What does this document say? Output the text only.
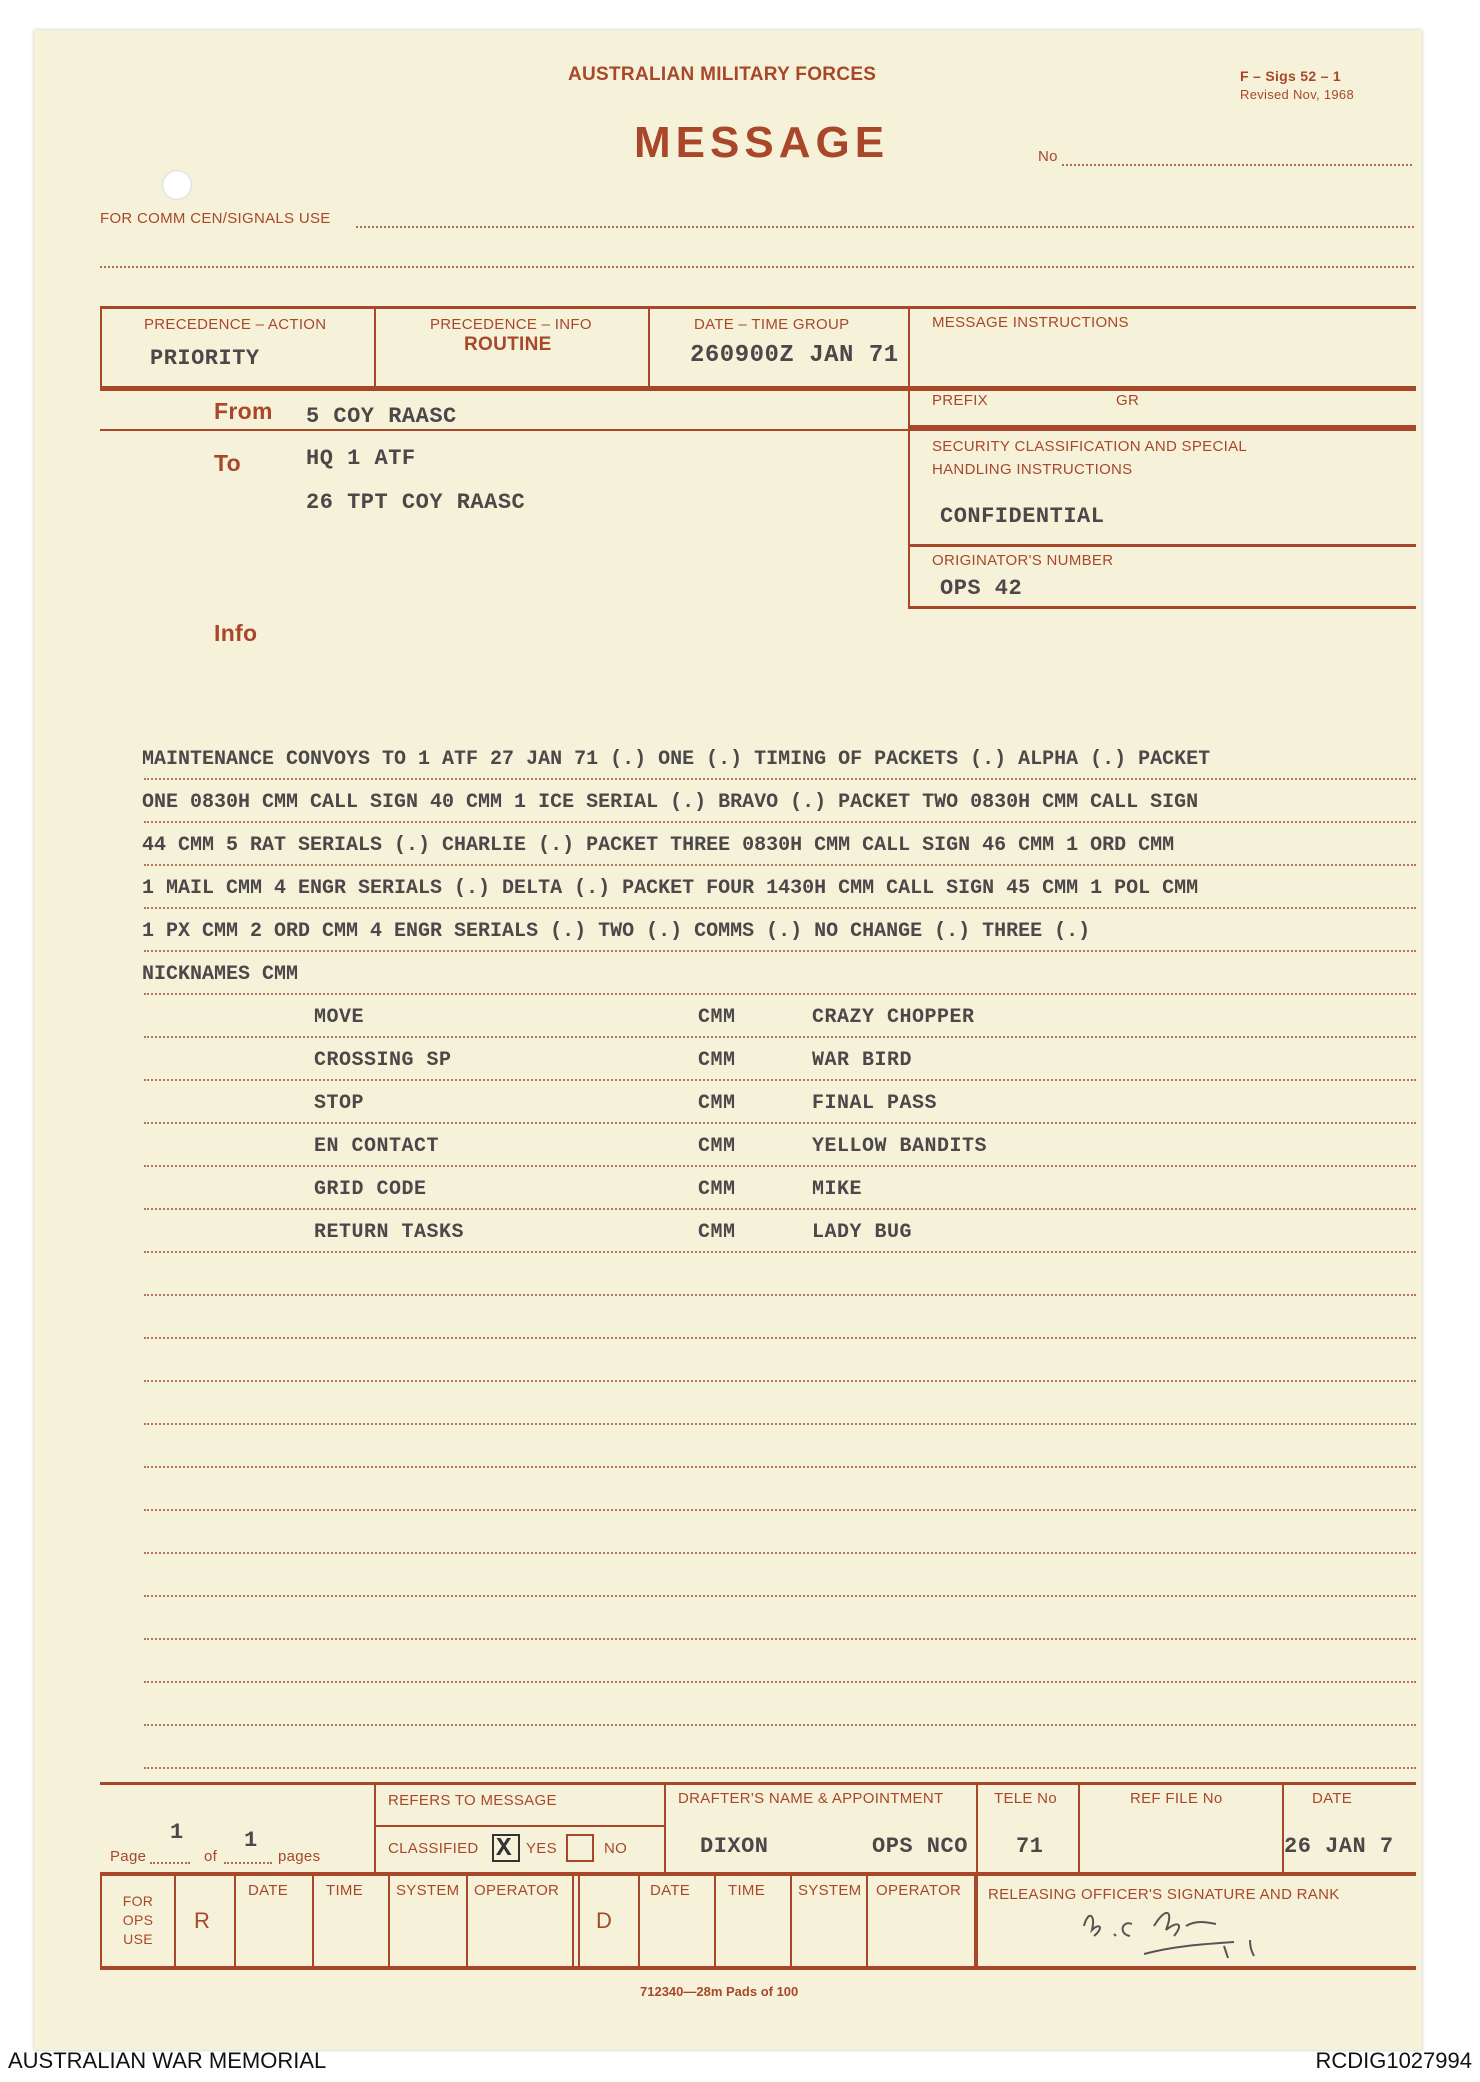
AUSTRALIAN MILITARY FORCES	F – Sigs 52 – 1
Revised Nov, 1968
MESSAGE	No
FOR COMM CEN/SIGNALS USE
PRECEDENCE – ACTION
PRIORITY
PRECEDENCE – INFO
ROUTINE
DATE – TIME GROUP
260900Z JAN 71
MESSAGE INSTRUCTIONS
PREFIX	GR
From 5 COY RAASC
To	HQ 1 ATF
26 TPT COY RAASC
Info
SECURITY CLASSIFICATION AND SPECIAL
HANDLING INSTRUCTIONS
CONFIDENTIAL
ORIGINATOR'S NUMBER
OPS 42
MAINTENANCE CONVOYS TO 1 ATF 27 JAN 71 (.) ONE (.) TIMING OF PACKETS (.) ALPHA (.) PACKET
ONE 0830H CMM CALL SIGN 40 CMM 1 ICE SERIAL (.) BRAVO (.) PACKET TWO 0830H CMM CALL SIGN
44 CMM 5 RAT SERIALS (.) CHARLIE (.) PACKET THREE 0830H CMM CALL SIGN 46 CMM 1 ORD CMM
1 MAIL CMM 4 ENGR SERIALS (.) DELTA (.) PACKET FOUR 1430H CMM CALL SIGN 45 CMM 1 POL CMM
1 PX CMM 2 ORD CMM 4 ENGR SERIALS (.) TWO (.) COMMS (.) NO CHANGE (.) THREE (.)
NICKNAMES CMM
MOVE	CMM	CRAZY CHOPPER
CROSSING SP	CMM	WAR BIRD
STOP	CMM	FINAL PASS
EN CONTACT	CMM	YELLOW BANDITS
GRID CODE	CMM	MIKE
RETURN TASKS	CMM	LADY BUG
Page
1
of
1
pages
REFERS TO MESSAGE
CLASSIFIED X YES	NO
DRAFTER'S NAME & APPOINTMENT
DIXON	OPS NCO
TELE No
71
REF FILE No	DATE
26 JAN 7
FOR
OPS
USE
R
DATE	TIME SYSTEM OPERATOR
D
DATE	TIME SYSTEM OPERATOR RELEASING OFFICER'S SIGNATURE AND RANK
712340—28m Pads of 100
AUSTRALIAN WAR MEMORIAL	RCDIG1027994
